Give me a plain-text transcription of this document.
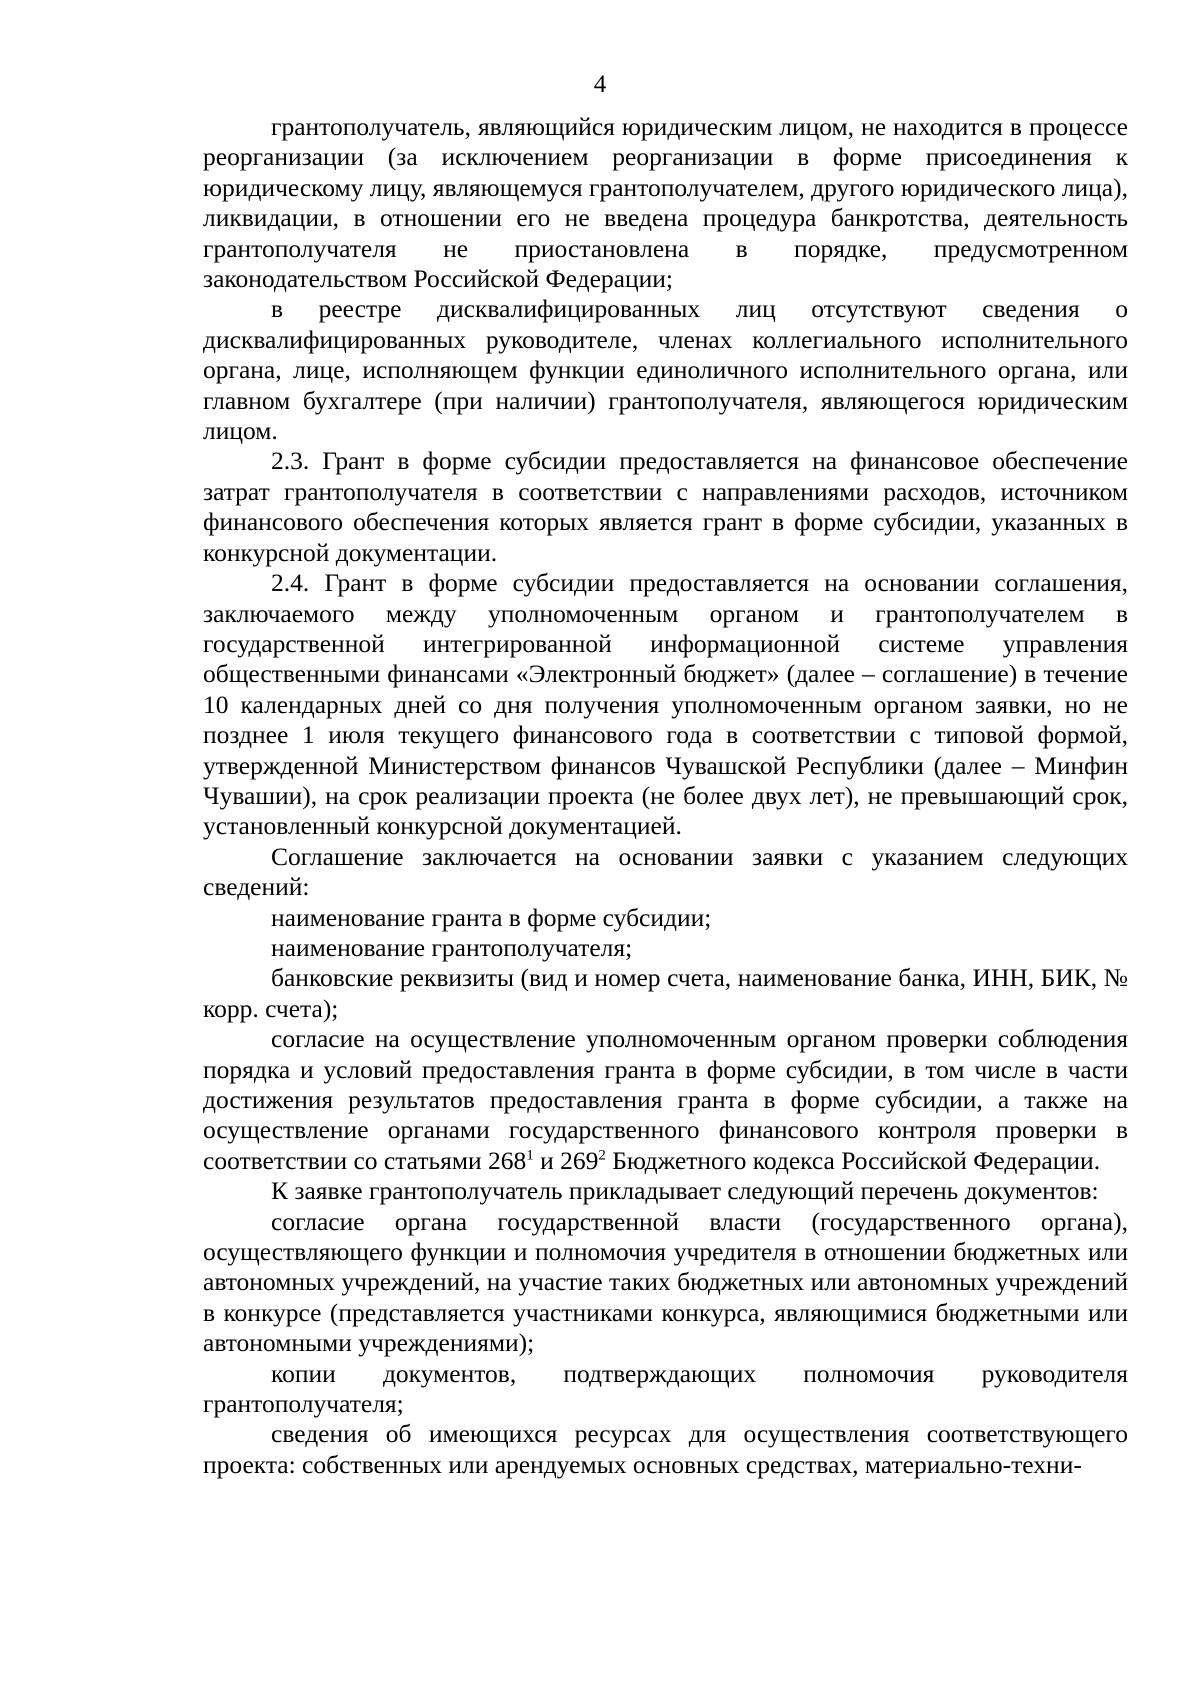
4

грантополучатель, являющийся юридическим лицом, не находится в процессе реорганизации (за исключением реорганизации в форме присоединения к юридическому лицу, являющемуся грантополучателем, другого юридического лица), ликвидации, в отношении его не введена процедура банкротства, деятельность грантополучателя не приостановлена в порядке, предусмотренном законодательством Российской Федерации;

в реестре дисквалифицированных лиц отсутствуют сведения о дисквалифицированных руководителе, членах коллегиального исполнительного органа, лице, исполняющем функции единоличного исполнительного органа, или главном бухгалтере (при наличии) грантополучателя, являющегося юридическим лицом.

2.3. Грант в форме субсидии предоставляется на финансовое обеспечение затрат грантополучателя в соответствии с направлениями расходов, источником финансового обеспечения которых является грант в форме субсидии, указанных в конкурсной документации.

2.4. Грант в форме субсидии предоставляется на основании соглашения, заключаемого между уполномоченным органом и грантополучателем в государственной интегрированной информационной системе управления общественными финансами «Электронный бюджет» (далее – соглашение) в течение 10 календарных дней со дня получения уполномоченным органом заявки, но не позднее 1 июля текущего финансового года в соответствии с типовой формой, утвержденной Министерством финансов Чувашской Республики (далее – Минфин Чувашии), на срок реализации проекта (не более двух лет), не превышающий срок, установленный конкурсной документацией.

Соглашение заключается на основании заявки с указанием следующих сведений:

наименование гранта в форме субсидии;

наименование грантополучателя;

банковские реквизиты (вид и номер счета, наименование банка, ИНН, БИК, № корр. счета);

согласие на осуществление уполномоченным органом проверки соблюдения порядка и условий предоставления гранта в форме субсидии, в том числе в части достижения результатов предоставления гранта в форме субсидии, а также на осуществление органами государственного финансового контроля проверки в соответствии со статьями $268^1$ и $269^2$ Бюджетного кодекса Российской Федерации.

К заявке грантополучатель прикладывает следующий перечень документов:

согласие органа государственной власти (государственного органа), осуществляющего функции и полномочия учредителя в отношении бюджетных или автономных учреждений, на участие таких бюджетных или автономных учреждений в конкурсе (представляется участниками конкурса, являющимися бюджетными или автономными учреждениями);

копии документов, подтверждающих полномочия руководителя грантополучателя;

сведения об имеющихся ресурсах для осуществления соответствующего проекта: собственных или арендуемых основных средствах, материально-техни-
